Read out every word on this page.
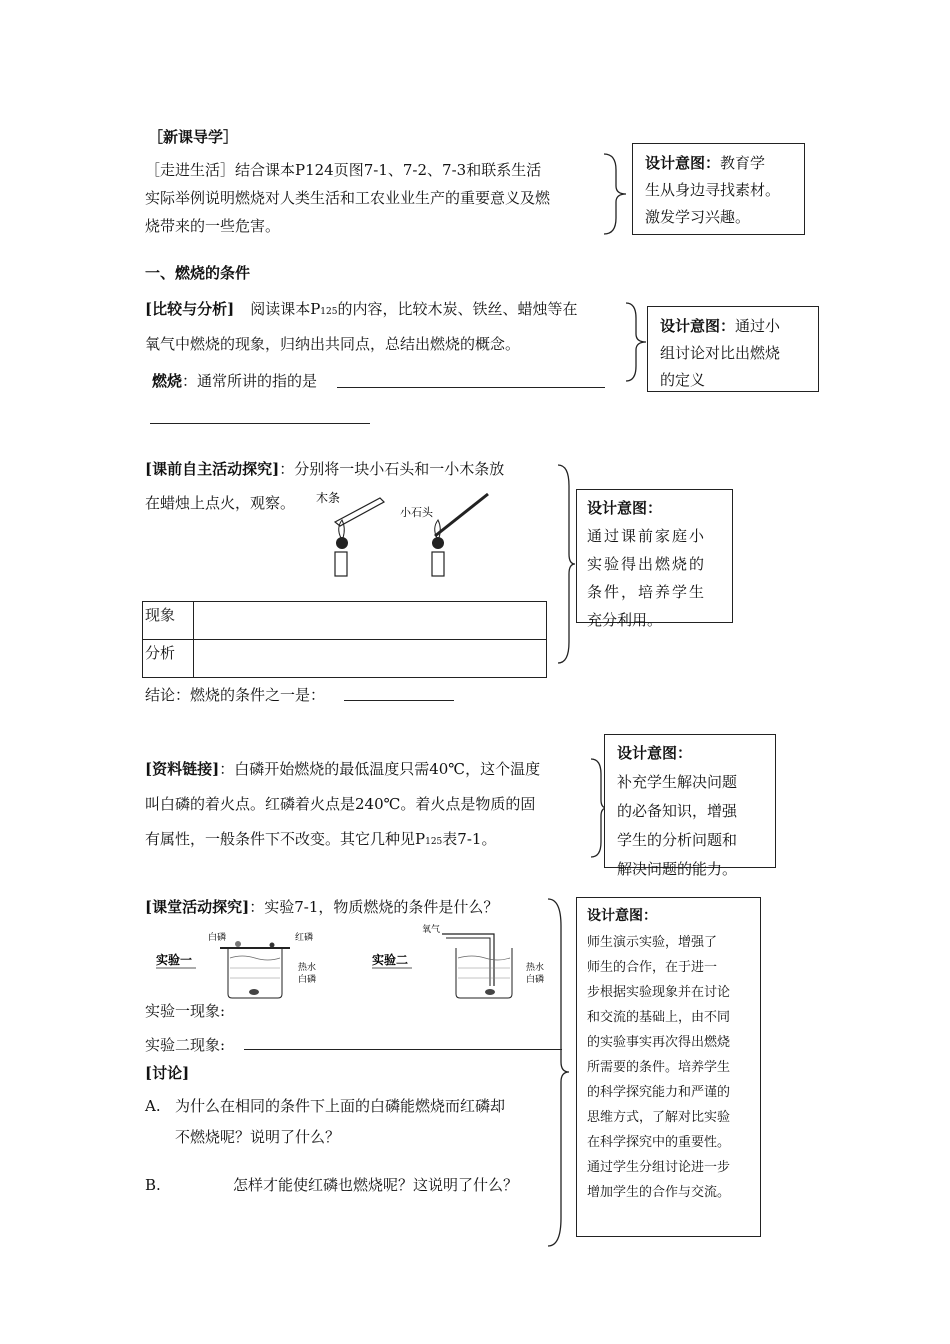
［新课导学］
［走进生活］结合课本P124页图7-1、7-2、7-3和联系生活
实际举例说明燃烧对人类生活和工农业业生产的重要意义及燃
烧带来的一些危害。
设计意图：教育学
生从身边寻找素材。
激发学习兴趣。
一、燃烧的条件
[比较与分析] 阅读课本P125的内容，比较木炭、铁丝、蜡烛等在
氧气中燃烧的现象，归纳出共同点，总结出燃烧的概念。
燃烧：通常所讲的指的是
设计意图：通过小
组讨论对比出燃烧
的定义
[课前自主活动探究]：分别将一块小石头和一小木条放
在蜡烛上点火，观察。 木条
小石头
现象	
分析	
结论：燃烧的条件之一是：
设计意图：
通过课前家庭小
实验得出燃烧的
条件，培养学生
充分利用。
[资料链接]：白磷开始燃烧的最低温度只需40℃，这个温度
叫白磷的着火点。红磷着火点是240℃。着火点是物质的固
有属性，一般条件下不改变。其它几种见P125表7-1。
设计意图：
补充学生解决问题
的必备知识，增强
学生的分析问题和
解决问题的能力。
[课堂活动探究]：实验7-1，物质燃烧的条件是什么？
实验一
白磷	红磷
热水
白磷
实验二
氧气
热水
白磷
实验一现象:
实验二现象:
[讨论]
A. 为什么在相同的条件下上面的白磷能燃烧而红磷却
不燃烧呢？说明了什么？
B.	怎样才能使红磷也燃烧呢？这说明了什么？
设计意图：
师生演示实验，增强了
师生的合作，在于进一
步根据实验现象并在讨论
和交流的基础上，由不同
的实验事实再次得出燃烧
所需要的条件。培养学生
的科学探究能力和严谨的
思维方式，了解对比实验
在科学探究中的重要性。
通过学生分组讨论进一步
增加学生的合作与交流。
